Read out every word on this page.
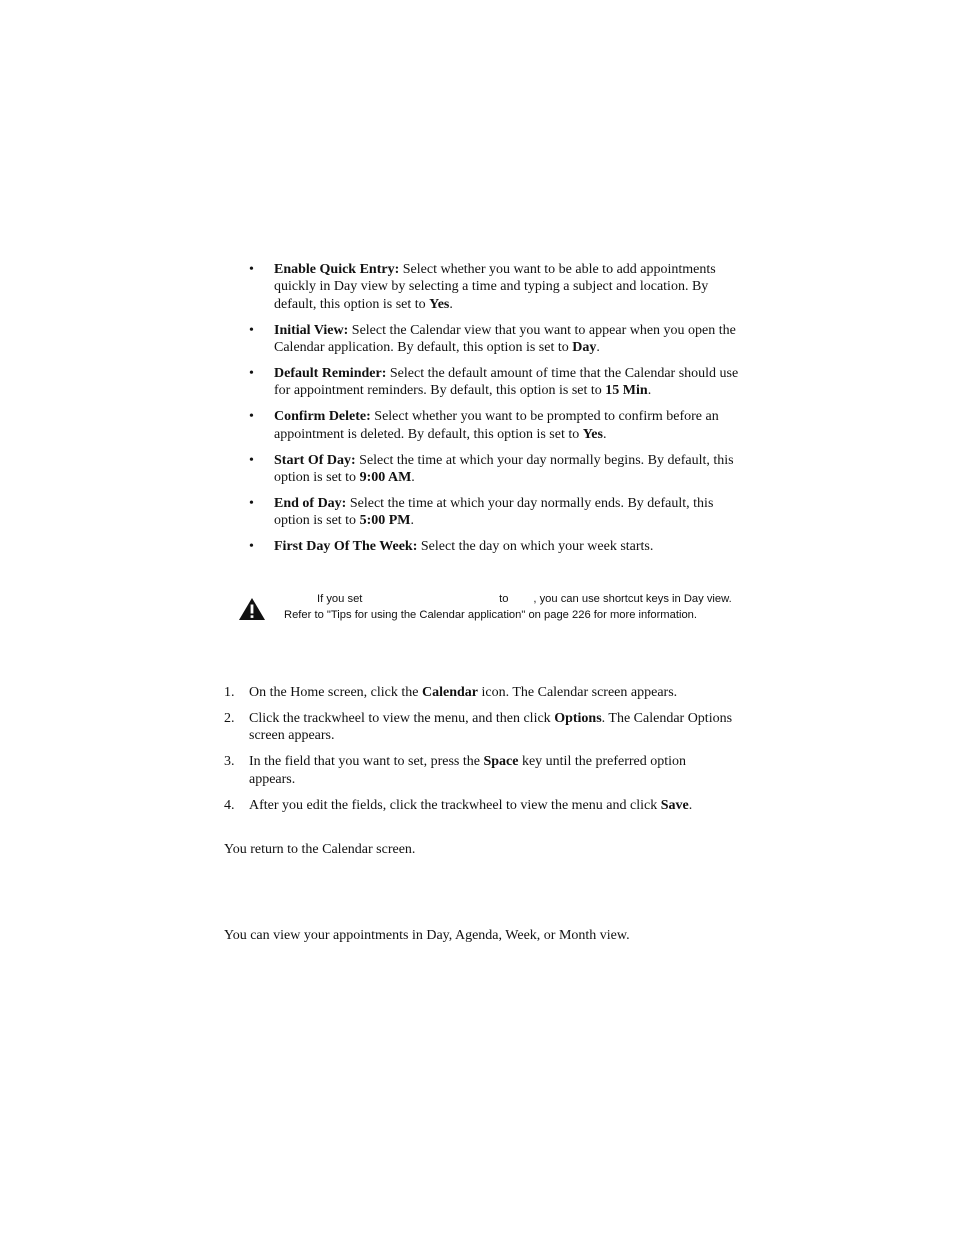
• Enable Quick Entry: Select whether you want to be able to add appointments quickly in Day view by selecting a time and typing a subject and location. By default, this option is set to Yes.
• Initial View: Select the Calendar view that you want to appear when you open the Calendar application. By default, this option is set to Day.
• Default Reminder: Select the default amount of time that the Calendar should use for appointment reminders. By default, this option is set to 15 Min.
• Confirm Delete: Select whether you want to be prompted to confirm before an appointment is deleted. By default, this option is set to Yes.
• Start Of Day: Select the time at which your day normally begins. By default, this option is set to 9:00 AM.
• End of Day: Select the time at which your day normally ends. By default, this option is set to 5:00 PM.
• First Day Of The Week: Select the day on which your week starts.
If you set                                            to        , you can use shortcut keys in Day view.
Refer to "Tips for using the Calendar application" on page 226 for more information.
1. On the Home screen, click the Calendar icon. The Calendar screen appears.
2. Click the trackwheel to view the menu, and then click Options. The Calendar Options screen appears.
3. In the field that you want to set, press the Space key until the preferred option appears.
4. After you edit the fields, click the trackwheel to view the menu and click Save.
You return to the Calendar screen.
You can view your appointments in Day, Agenda, Week, or Month view.
